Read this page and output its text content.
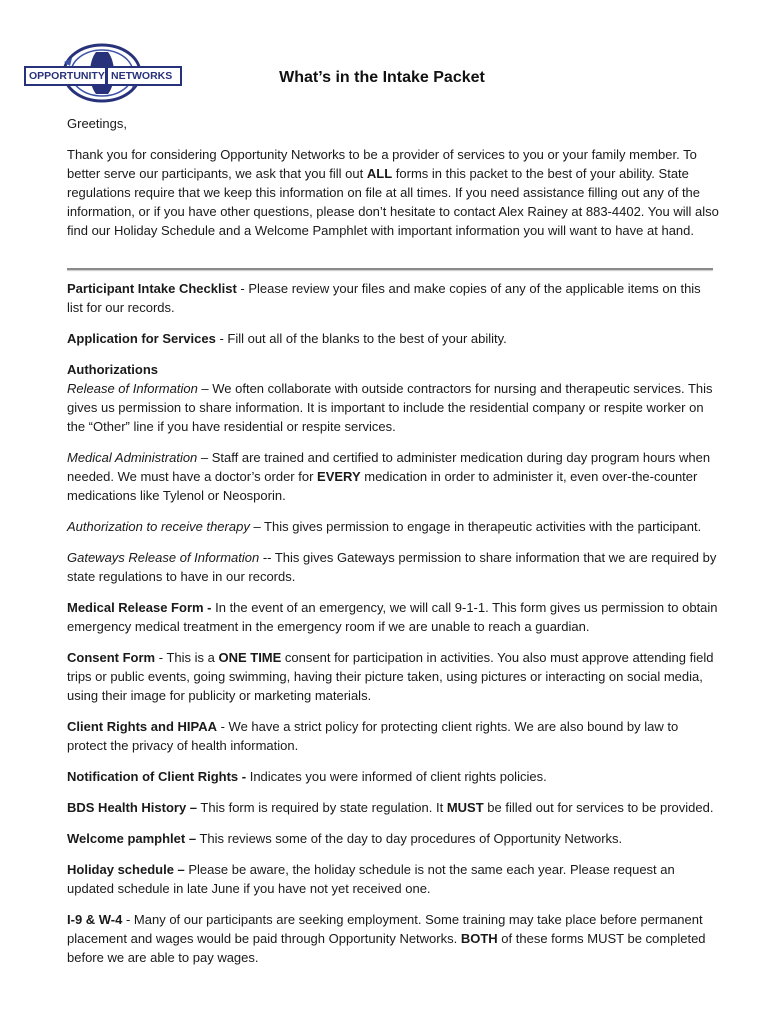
OPPORTUNITY NETWORKS	What’s in the Intake Packet

Greetings,

Thank you for considering Opportunity Networks to be a provider of services to you or your family member. To better serve our participants, we ask that you fill out ALL forms in this packet to the best of your ability. State regulations require that we keep this information on file at all times. If you need assistance filling out any of the information, or if you have other questions, please don’t hesitate to contact Alex Rainey at 883-4402. You will also find our Holiday Schedule and a Welcome Pamphlet with important information you will want to have at hand.

Participant Intake Checklist - Please review your files and make copies of any of the applicable items on this list for our records.

Application for Services - Fill out all of the blanks to the best of your ability.

Authorizations

Release of Information – We often collaborate with outside contractors for nursing and therapeutic services. This gives us permission to share information. It is important to include the residential company or respite worker on the “Other” line if you have residential or respite services.

Medical Administration – Staff are trained and certified to administer medication during day program hours when needed. We must have a doctor’s order for EVERY medication in order to administer it, even over-the-counter medications like Tylenol or Neosporin.

Authorization to receive therapy – This gives permission to engage in therapeutic activities with the participant.

Gateways Release of Information -- This gives Gateways permission to share information that we are required by state regulations to have in our records.

Medical Release Form - In the event of an emergency, we will call 9-1-1. This form gives us permission to obtain emergency medical treatment in the emergency room if we are unable to reach a guardian.

Consent Form - This is a ONE TIME consent for participation in activities. You also must approve attending field trips or public events, going swimming, having their picture taken, using pictures or interacting on social media, using their image for publicity or marketing materials.

Client Rights and HIPAA - We have a strict policy for protecting client rights. We are also bound by law to protect the privacy of health information.

Notification of Client Rights - Indicates you were informed of client rights policies.

BDS Health History – This form is required by state regulation. It MUST be filled out for services to be provided.

Welcome pamphlet – This reviews some of the day to day procedures of Opportunity Networks.

Holiday schedule – Please be aware, the holiday schedule is not the same each year. Please request an updated schedule in late June if you have not yet received one.

I-9 & W-4 - Many of our participants are seeking employment. Some training may take place before permanent placement and wages would be paid through Opportunity Networks. BOTH of these forms MUST be completed before we are able to pay wages.
